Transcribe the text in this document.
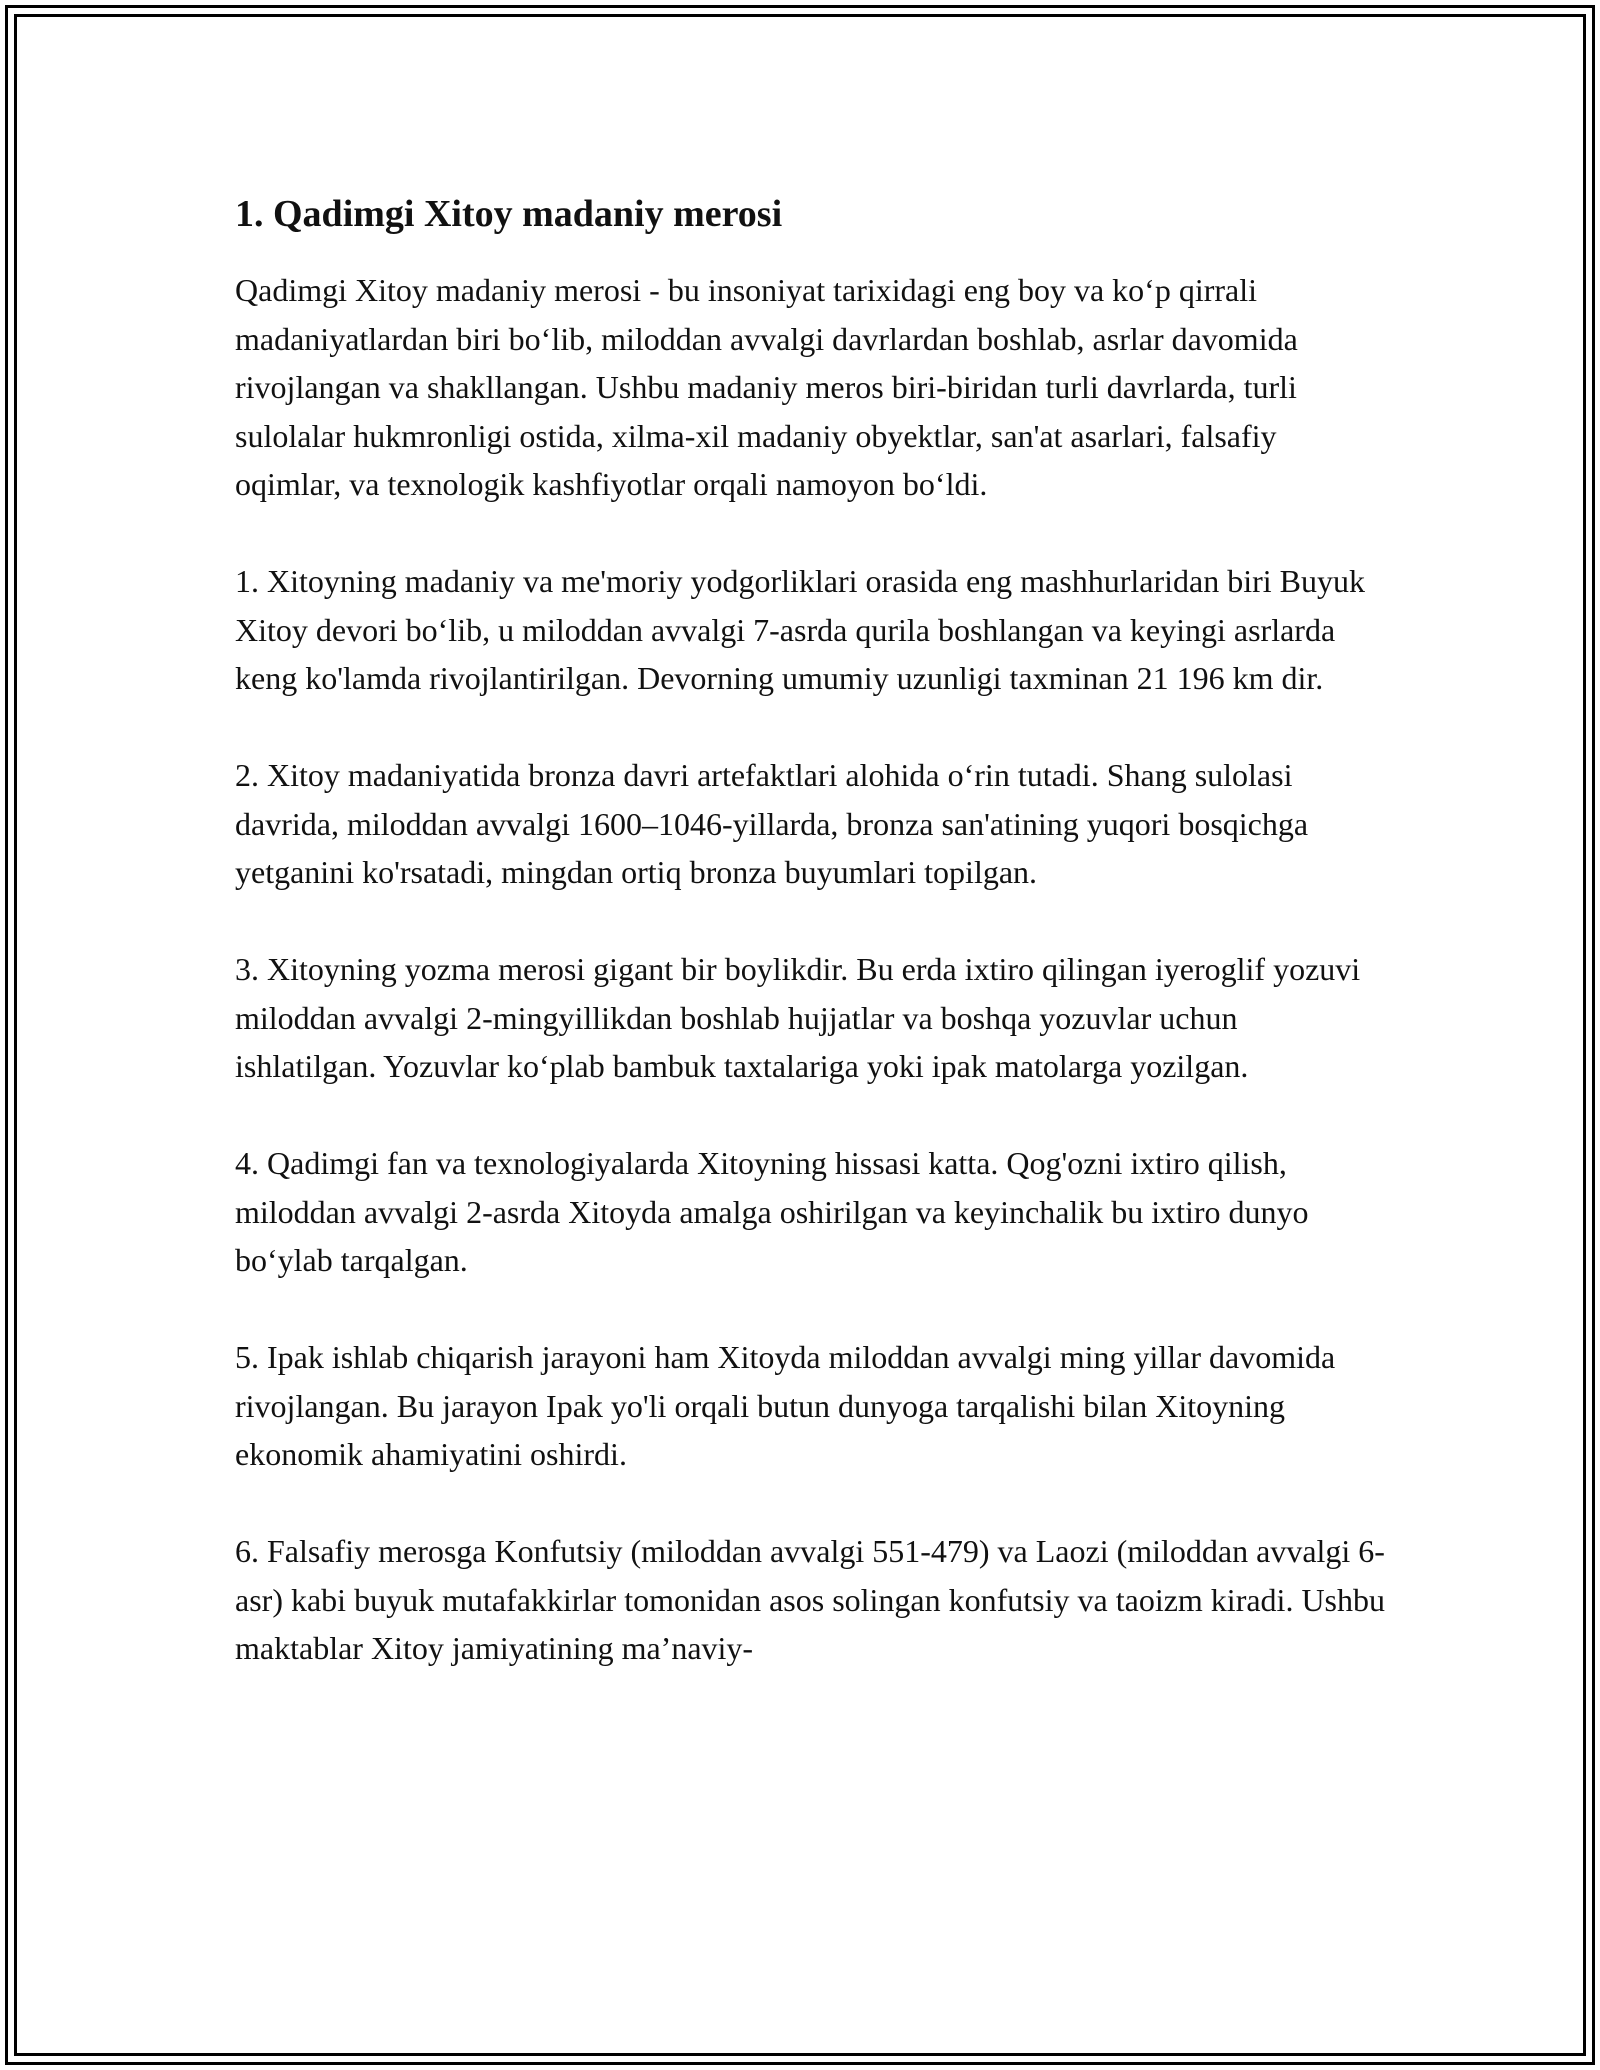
1. Qadimgi Xitoy madaniy merosi

Qadimgi Xitoy madaniy merosi - bu insoniyat tarixidagi eng boy va ko‘p qirrali madaniyatlardan biri bo‘lib, miloddan avvalgi davrlardan boshlab, asrlar davomida rivojlangan va shakllangan. Ushbu madaniy meros biri-biridan turli davrlarda, turli sulolalar hukmronligi ostida, xilma-xil madaniy obyektlar, san'at asarlari, falsafiy oqimlar, va texnologik kashfiyotlar orqali namoyon bo‘ldi.

1. Xitoyning madaniy va me'moriy yodgorliklari orasida eng mashhurlaridan biri Buyuk Xitoy devori bo‘lib, u miloddan avvalgi 7-asrda qurila boshlangan va keyingi asrlarda keng ko'lamda rivojlantirilgan. Devorning umumiy uzunligi taxminan 21 196 km dir.

2. Xitoy madaniyatida bronza davri artefaktlari alohida o‘rin tutadi. Shang sulolasi davrida, miloddan avvalgi 1600–1046-yillarda, bronza san'atining yuqori bosqichga yetganini ko'rsatadi, mingdan ortiq bronza buyumlari topilgan.

3. Xitoyning yozma merosi gigant bir boylikdir. Bu erda ixtiro qilingan iyeroglif yozuvi miloddan avvalgi 2-mingyillikdan boshlab hujjatlar va boshqa yozuvlar uchun ishlatilgan. Yozuvlar ko‘plab bambuk taxtalariga yoki ipak matolarga yozilgan.

4. Qadimgi fan va texnologiyalarda Xitoyning hissasi katta. Qog'ozni ixtiro qilish, miloddan avvalgi 2-asrda Xitoyda amalga oshirilgan va keyinchalik bu ixtiro dunyo bo‘ylab tarqalgan.

5. Ipak ishlab chiqarish jarayoni ham Xitoyda miloddan avvalgi ming yillar davomida rivojlangan. Bu jarayon Ipak yo'li orqali butun dunyoga tarqalishi bilan Xitoyning ekonomik ahamiyatini oshirdi.

6. Falsafiy merosga Konfutsiy (miloddan avvalgi 551-479) va Laozi (miloddan avvalgi 6-asr) kabi buyuk mutafakkirlar tomonidan asos solingan konfutsiy va taoizm kiradi. Ushbu maktablar Xitoy jamiyatining ma’naviy-
